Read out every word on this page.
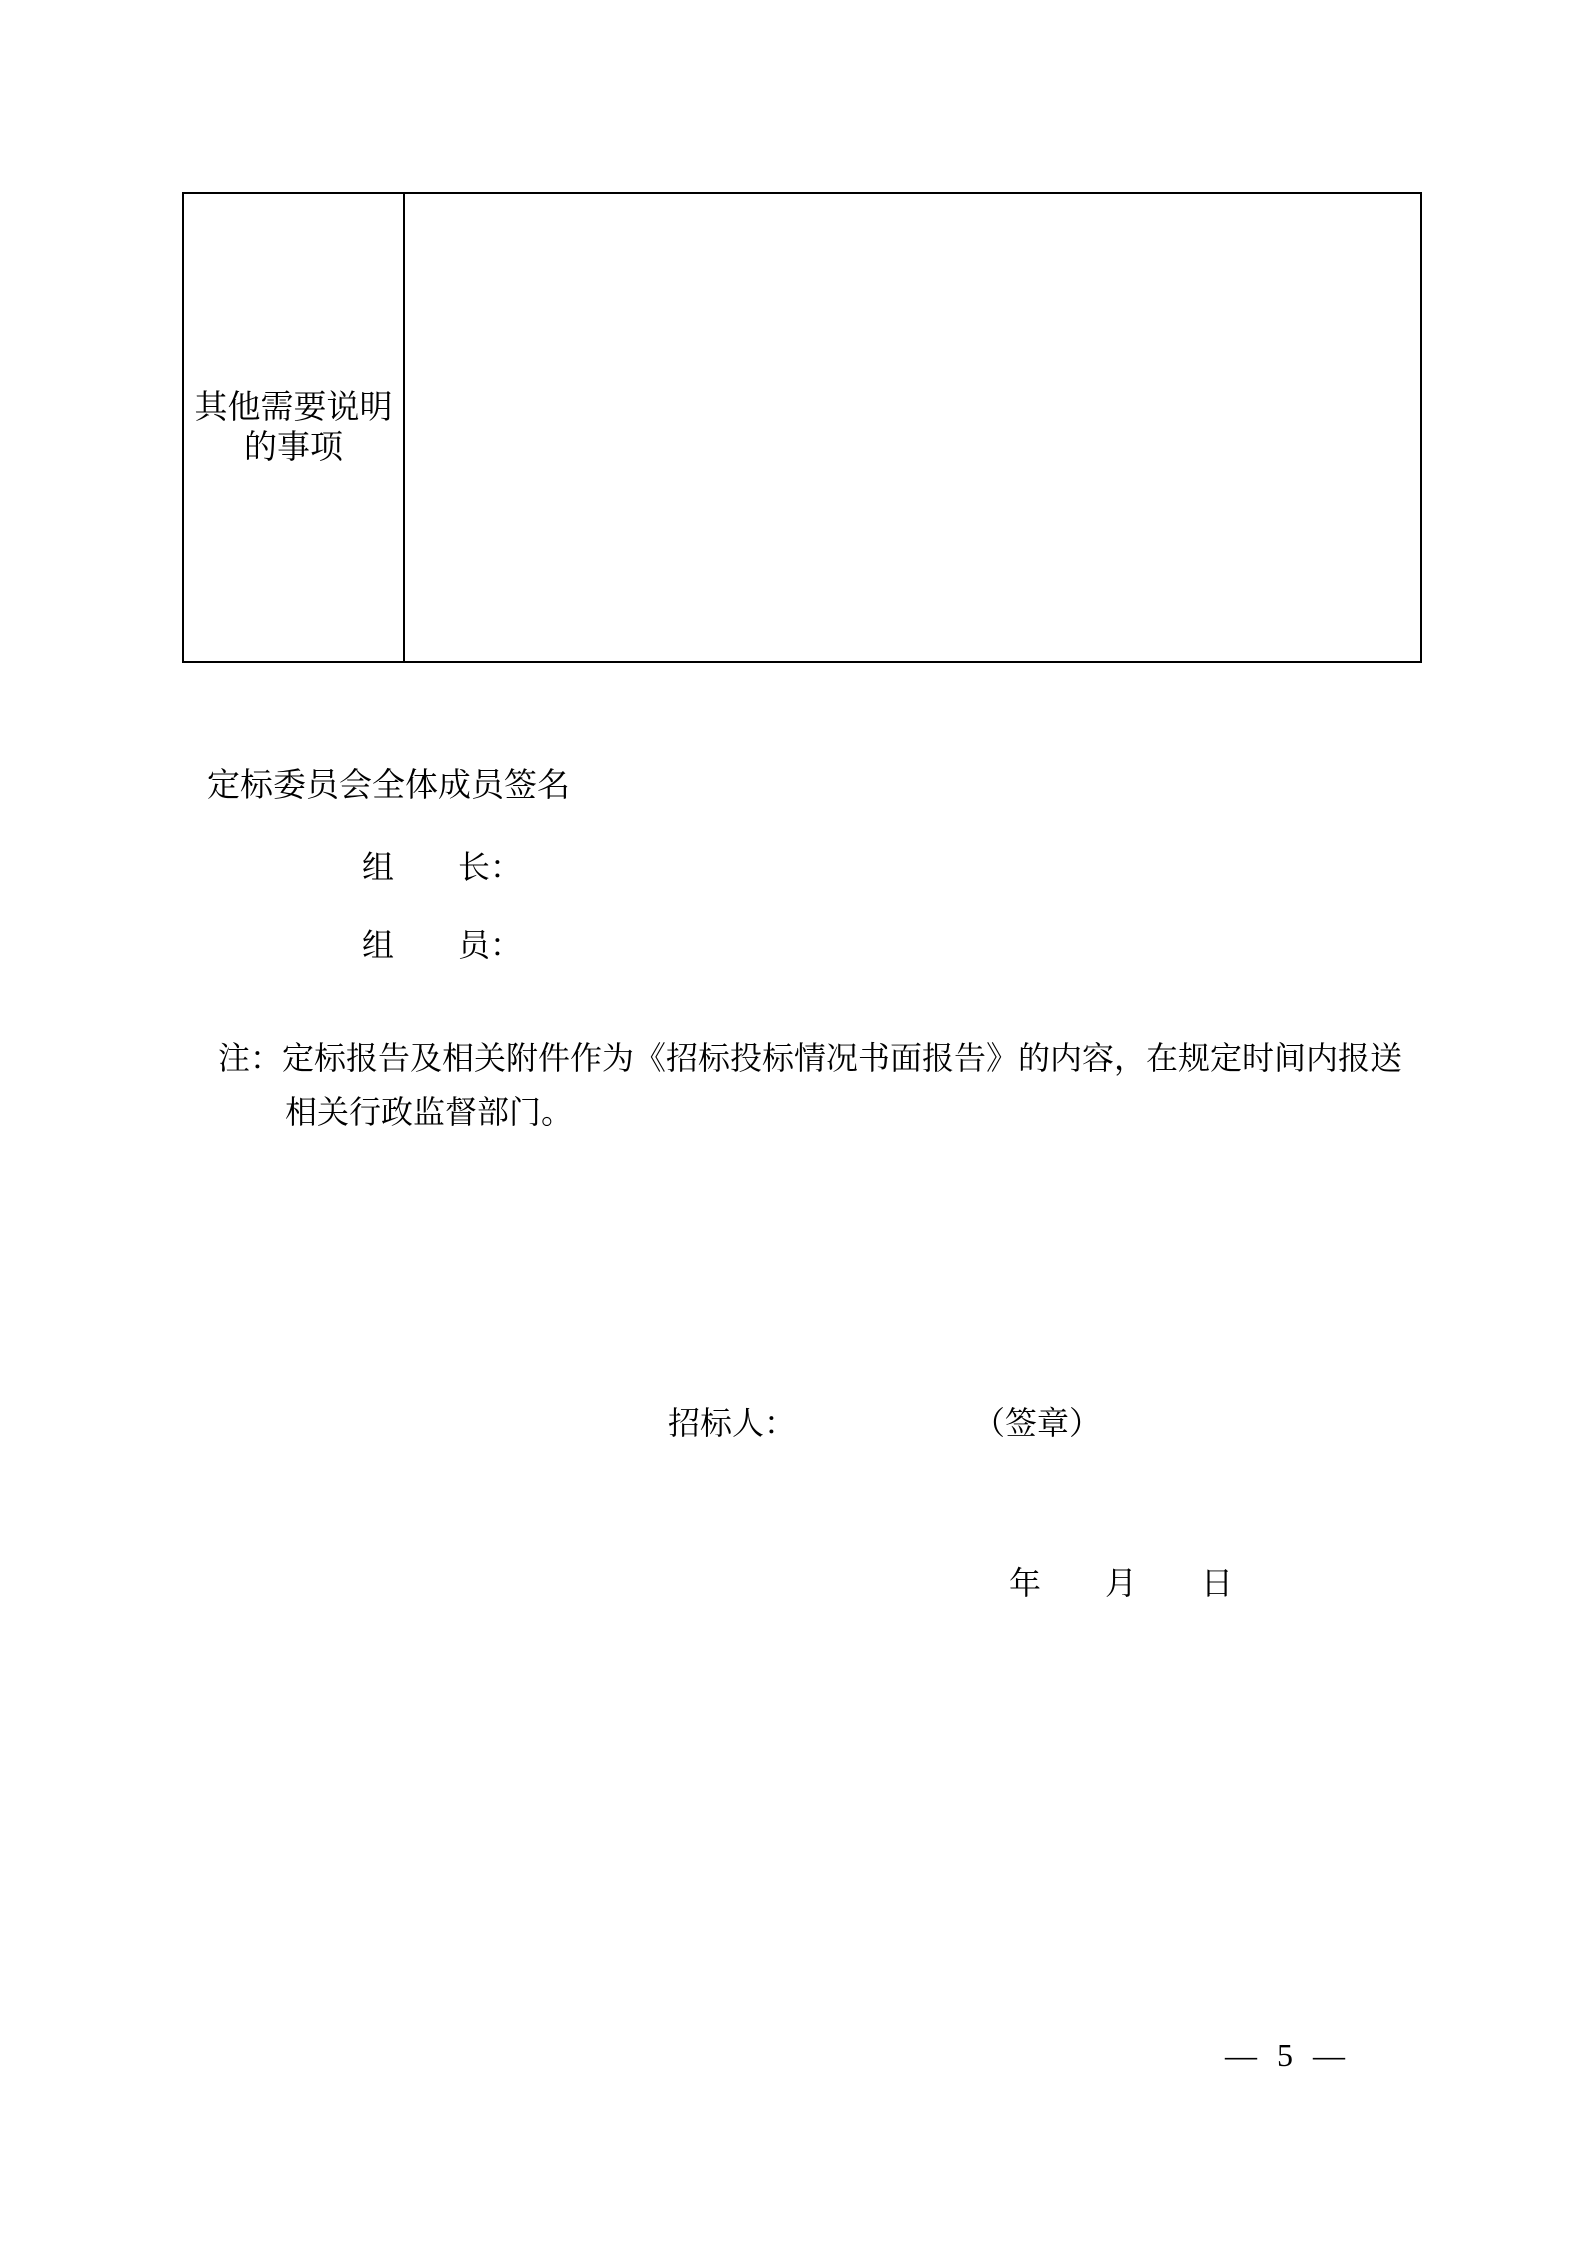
其他需要说明
的事项
定标委员会全体成员签名
组　　长：
组　　员：
注：定标报告及相关附件作为《招标投标情况书面报告》的内容，在规定时间内报送
相关行政监督部门。
招标人：	（签章）
年　　月　　日
— 5 —
